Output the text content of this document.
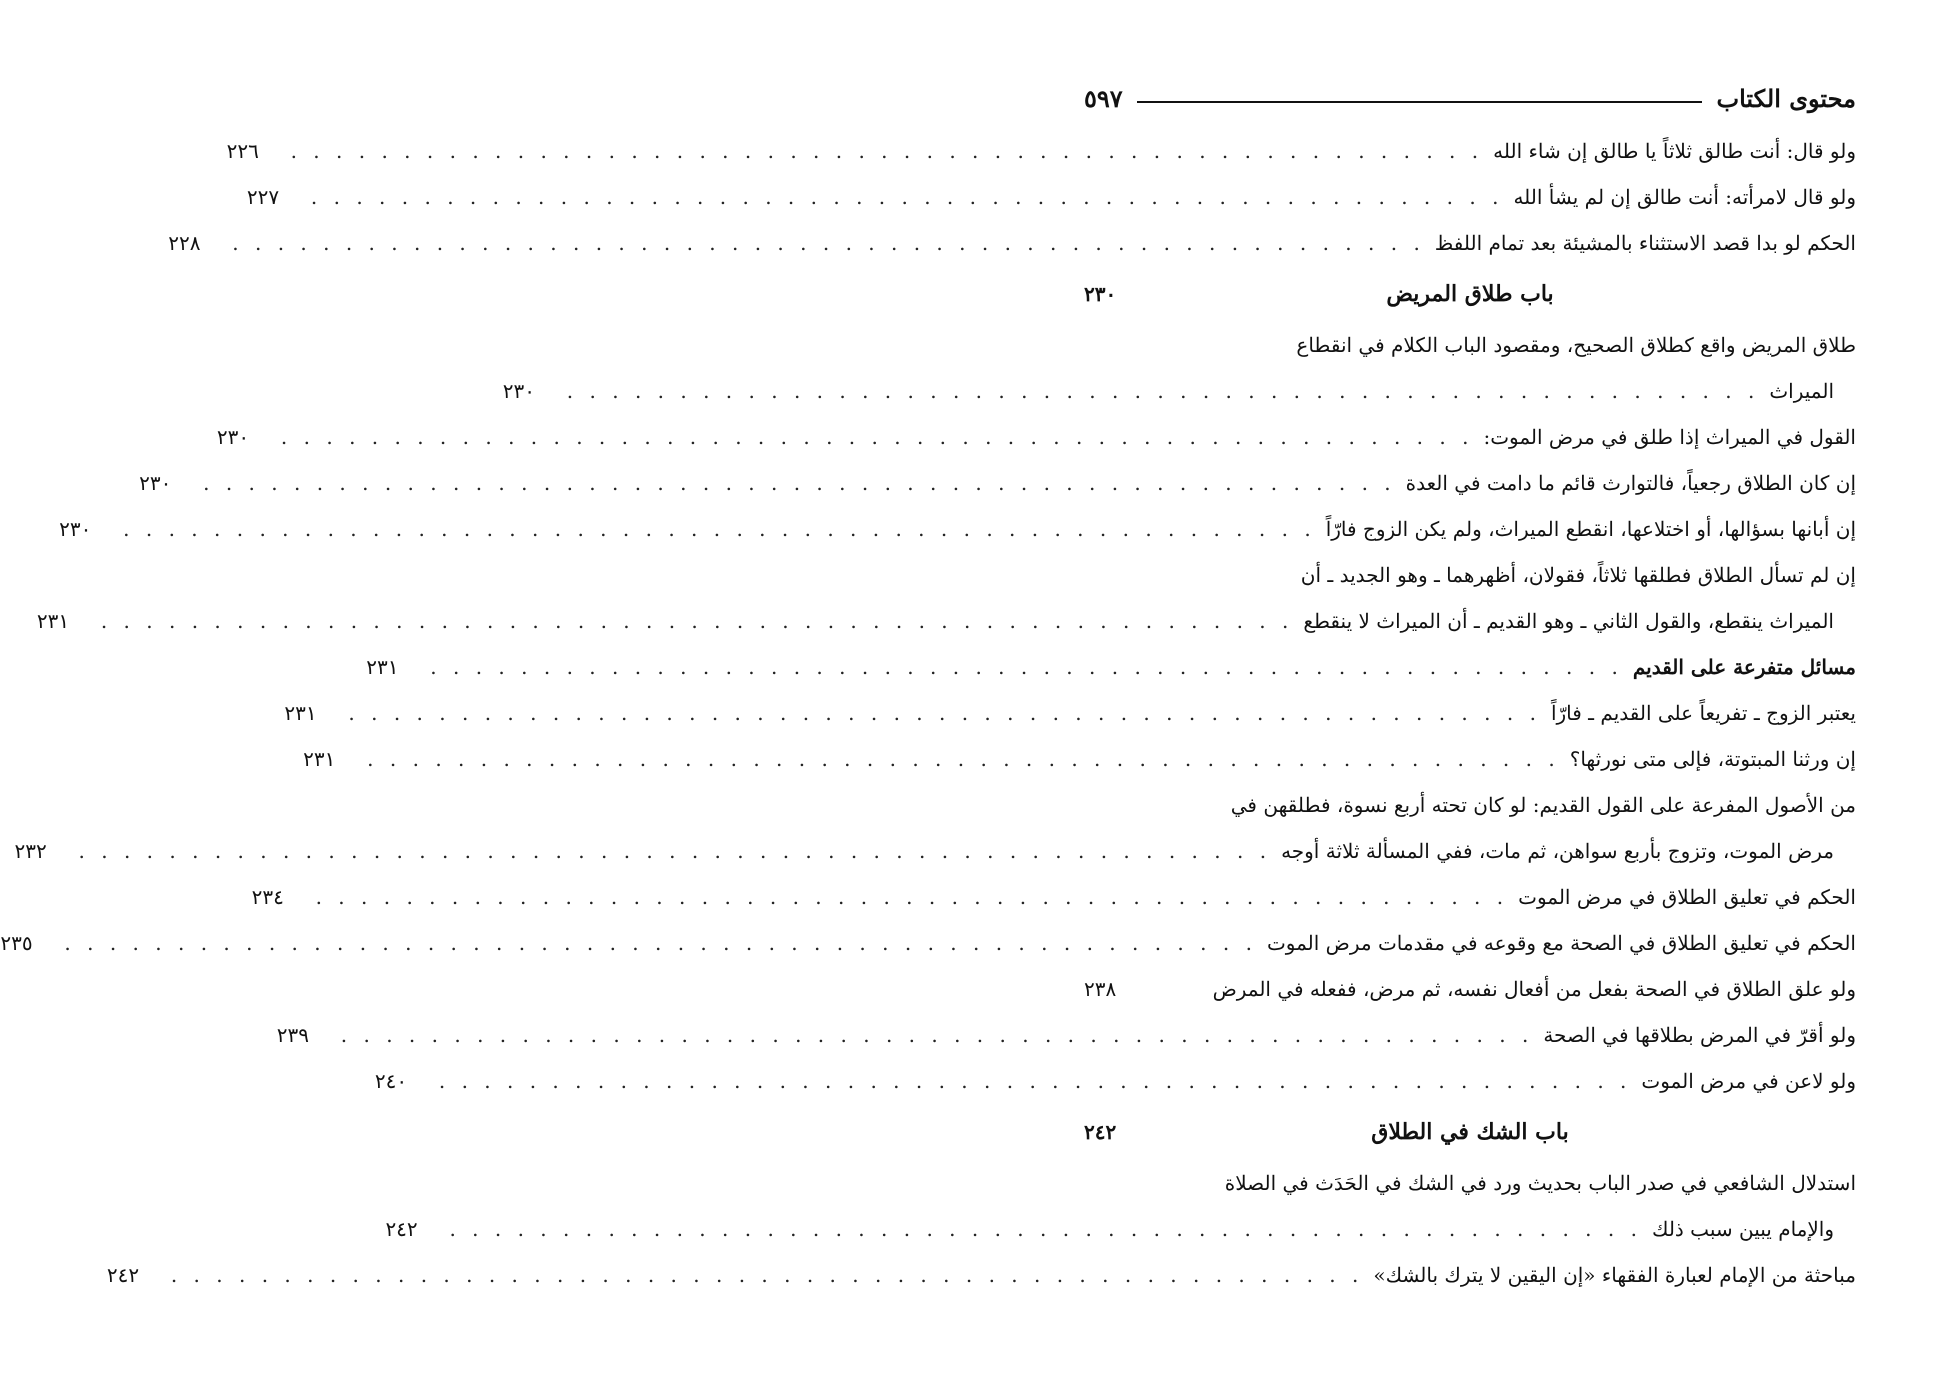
محتوى الكتاب
٥٩٧
ولو قال: أنت طالق ثلاثاً يا طالق إن شاء الله
. . . . . . . . . . . . . . . . . . . . . . . . . . . . . . . . . . . . . . . . . . . . . . . . . . . . .
٢٢٦
ولو قال لامرأته: أنت طالق إن لم يشأ الله
. . . . . . . . . . . . . . . . . . . . . . . . . . . . . . . . . . . . . . . . . . . . . . . . . . . . .
٢٢٧
الحكم لو بدا قصد الاستثناء بالمشيئة بعد تمام اللفظ
. . . . . . . . . . . . . . . . . . . . . . . . . . . . . . . . . . . . . . . . . . . . . . . . . . . . .
٢٢٨
باب طلاق المريض
٢٣٠
طلاق المريض واقع كطلاق الصحيح، ومقصود الباب الكلام في انقطاع
الميراث
. . . . . . . . . . . . . . . . . . . . . . . . . . . . . . . . . . . . . . . . . . . . . . . . . . . . .
٢٣٠
القول في الميراث إذا طلق في مرض الموت:
. . . . . . . . . . . . . . . . . . . . . . . . . . . . . . . . . . . . . . . . . . . . . . . . . . . . .
٢٣٠
إن كان الطلاق رجعياً، فالتوارث قائم ما دامت في العدة
. . . . . . . . . . . . . . . . . . . . . . . . . . . . . . . . . . . . . . . . . . . . . . . . . . . . .
٢٣٠
إن أبانها بسؤالها، أو اختلاعها، انقطع الميراث، ولم يكن الزوج فارّاً
. . . . . . . . . . . . . . . . . . . . . . . . . . . . . . . . . . . . . . . . . . . . . . . . . . . . .
٢٣٠
إن لم تسأل الطلاق فطلقها ثلاثاً، فقولان، أظهرهما ـ وهو الجديد ـ أن
الميراث ينقطع، والقول الثاني ـ وهو القديم ـ أن الميراث لا ينقطع
. . . . . . . . . . . . . . . . . . . . . . . . . . . . . . . . . . . . . . . . . . . . . . . . . . . . .
٢٣١
مسائل متفرعة على القديم
. . . . . . . . . . . . . . . . . . . . . . . . . . . . . . . . . . . . . . . . . . . . . . . . . . . . .
٢٣١
يعتبر الزوج ـ تفريعاً على القديم ـ فارّاً
. . . . . . . . . . . . . . . . . . . . . . . . . . . . . . . . . . . . . . . . . . . . . . . . . . . . .
٢٣١
إن ورثنا المبتوتة، فإلى متى نورثها؟
. . . . . . . . . . . . . . . . . . . . . . . . . . . . . . . . . . . . . . . . . . . . . . . . . . . . .
٢٣١
من الأصول المفرعة على القول القديم: لو كان تحته أربع نسوة، فطلقهن في
مرض الموت، وتزوج بأربع سواهن، ثم مات، ففي المسألة ثلاثة أوجه
. . . . . . . . . . . . . . . . . . . . . . . . . . . . . . . . . . . . . . . . . . . . . . . . . . . . .
٢٣٢
الحكم في تعليق الطلاق في مرض الموت
. . . . . . . . . . . . . . . . . . . . . . . . . . . . . . . . . . . . . . . . . . . . . . . . . . . . .
٢٣٤
الحكم في تعليق الطلاق في الصحة مع وقوعه في مقدمات مرض الموت
. . . . . . . . . . . . . . . . . . . . . . . . . . . . . . . . . . . . . . . . . . . . . . . . . . . . .
٢٣٥
ولو علق الطلاق في الصحة بفعل من أفعال نفسه، ثم مرض، ففعله في المرض
٢٣٨
ولو أقرّ في المرض بطلاقها في الصحة
. . . . . . . . . . . . . . . . . . . . . . . . . . . . . . . . . . . . . . . . . . . . . . . . . . . . .
٢٣٩
ولو لاعن في مرض الموت
. . . . . . . . . . . . . . . . . . . . . . . . . . . . . . . . . . . . . . . . . . . . . . . . . . . . .
٢٤٠
باب الشك في الطلاق
٢٤٢
استدلال الشافعي في صدر الباب بحديث ورد في الشك في الحَدَث في الصلاة
والإمام يبين سبب ذلك
. . . . . . . . . . . . . . . . . . . . . . . . . . . . . . . . . . . . . . . . . . . . . . . . . . . . .
٢٤٢
مباحثة من الإمام لعبارة الفقهاء «إن اليقين لا يترك بالشك»
. . . . . . . . . . . . . . . . . . . . . . . . . . . . . . . . . . . . . . . . . . . . . . . . . . . . .
٢٤٢
